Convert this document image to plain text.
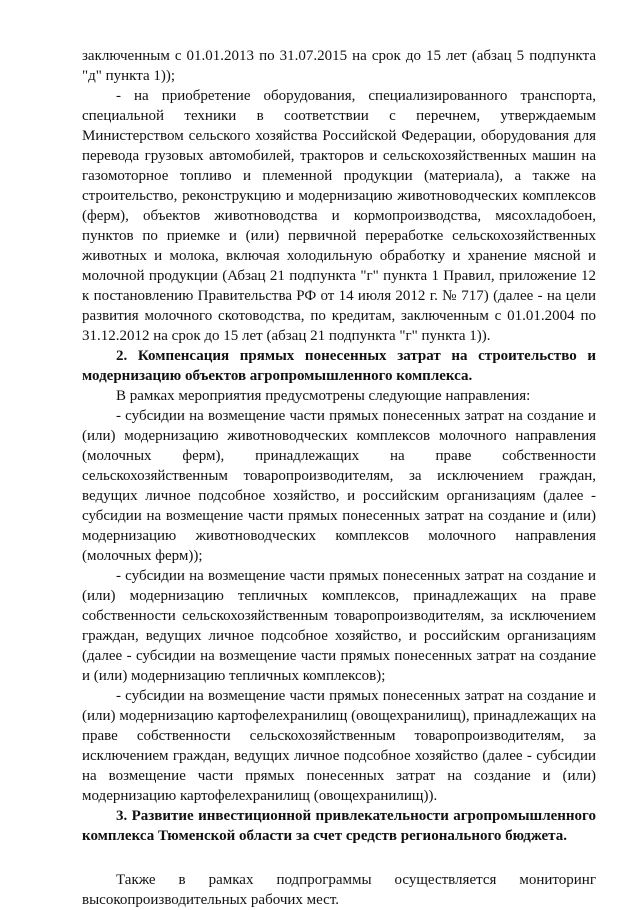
заключенным с 01.01.2013 по 31.07.2015 на срок до 15 лет (абзац 5 подпункта "д" пункта 1));

- на приобретение оборудования, специализированного транспорта, специальной техники в соответствии с перечнем, утверждаемым Министерством сельского хозяйства Российской Федерации, оборудования для перевода грузовых автомобилей, тракторов и сельскохозяйственных машин на газомоторное топливо и племенной продукции (материала), а также на строительство, реконструкцию и модернизацию животноводческих комплексов (ферм), объектов животноводства и кормопроизводства, мясохладобоен, пунктов по приемке и (или) первичной переработке сельскохозяйственных животных и молока, включая холодильную обработку и хранение мясной и молочной продукции (Абзац 21 подпункта "г" пункта 1 Правил, приложение 12 к постановлению Правительства РФ от 14 июля 2012 г. № 717) (далее - на цели развития молочного скотоводства, по кредитам, заключенным с 01.01.2004 по 31.12.2012 на срок до 15 лет (абзац 21 подпункта "г" пункта 1)).

2. Компенсация прямых понесенных затрат на строительство и модернизацию объектов агропромышленного комплекса.

В рамках мероприятия предусмотрены следующие направления:

- субсидии на возмещение части прямых понесенных затрат на создание и (или) модернизацию животноводческих комплексов молочного направления (молочных ферм), принадлежащих на праве собственности сельскохозяйственным товаропроизводителям, за исключением граждан, ведущих личное подсобное хозяйство, и российским организациям (далее - субсидии на возмещение части прямых понесенных затрат на создание и (или) модернизацию животноводческих комплексов молочного направления (молочных ферм));

- субсидии на возмещение части прямых понесенных затрат на создание и (или) модернизацию тепличных комплексов, принадлежащих на праве собственности сельскохозяйственным товаропроизводителям, за исключением граждан, ведущих личное подсобное хозяйство, и российским организациям (далее - субсидии на возмещение части прямых понесенных затрат на создание и (или) модернизацию тепличных комплексов);

- субсидии на возмещение части прямых понесенных затрат на создание и (или) модернизацию картофелехранилищ (овощехранилищ), принадлежащих на праве собственности сельскохозяйственным товаропроизводителям, за исключением граждан, ведущих личное подсобное хозяйство (далее - субсидии на возмещение части прямых понесенных затрат на создание и (или) модернизацию картофелехранилищ (овощехранилищ)).

3. Развитие инвестиционной привлекательности агропромышленного комплекса Тюменской области за счет средств регионального бюджета.

Также в рамках подпрограммы осуществляется мониторинг высокопроизводительных рабочих мест.
